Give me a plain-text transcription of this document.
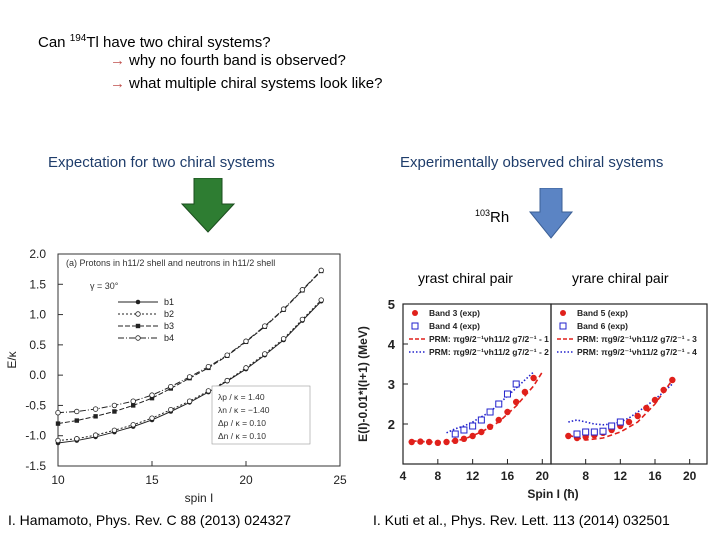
Can $^{194}$Tl have two chiral systems?
→ why no fourth band is observed?
→ what multiple chiral systems look like?
Expectation for two chiral systems	Experimentally observed chiral systems
$^{103}$Rh
yrast chiral pair	yrare chiral pair
2.0
1.5
1.0
0.5
0.0
-0.5
-1.0
-1.5
10	15	20	25
spin I
E/κ
(a) Protons in h11/2 shell and neutrons in h11/2 shell
γ = 30°
b1
b2
b3
b4
λp / κ = 1.40
λn / κ = −1.40
Δp / κ = 0.10
Δn / κ = 0.10
5
4
3
2
4 8 12 16 20
Spin I (ħ)
E(I)-0.01*I(I+1) (MeV)
Band 3 (exp)
Band 4 (exp)
PRM: πg9/2⁻¹νh11/2 g7/2⁻¹ - 1
PRM: πg9/2⁻¹νh11/2 g7/2⁻¹ - 2
8 12 16 20
Band 5 (exp)
Band 6 (exp)
PRM: πg9/2⁻¹νh11/2 g7/2⁻¹ - 3
PRM: πg9/2⁻¹νh11/2 g7/2⁻¹ - 4
I. Hamamoto, Phys. Rev. C 88 (2013) 024327	I. Kuti et al., Phys. Rev. Lett. 113 (2014) 032501
